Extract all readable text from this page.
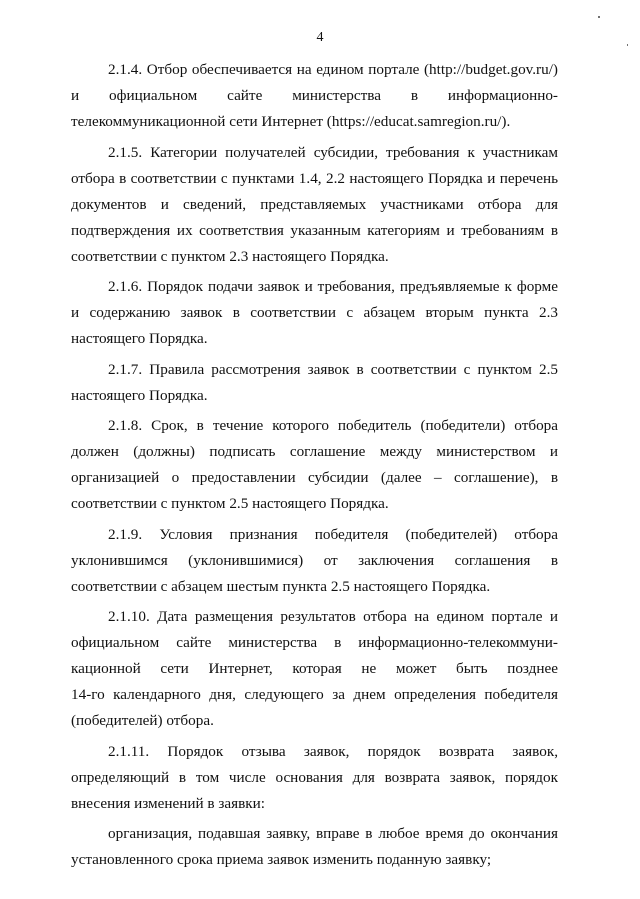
4

2.1.4. Отбор обеспечивается на едином портале (http://budget.gov.ru/)
и официальном сайте министерства в информационно-
телекоммуникационной сети Интернет (https://educat.samregion.ru/).

2.1.5. Категории получателей субсидии, требования к участникам
отбора в соответствии с пунктами 1.4, 2.2 настоящего Порядка и перечень
документов и сведений, представляемых участниками отбора для
подтверждения их соответствия указанным категориям и требованиям в
соответствии с пунктом 2.3 настоящего Порядка.

2.1.6. Порядок подачи заявок и требования, предъявляемые к форме
и содержанию заявок в соответствии с абзацем вторым пункта 2.3
настоящего Порядка.

2.1.7. Правила рассмотрения заявок в соответствии с пунктом 2.5
настоящего Порядка.

2.1.8. Срок, в течение которого победитель (победители) отбора
должен (должны) подписать соглашение между министерством и
организацией о предоставлении субсидии (далее – соглашение), в
соответствии с пунктом 2.5 настоящего Порядка.

2.1.9. Условия признания победителя (победителей) отбора
уклонившимся (уклонившимися) от заключения соглашения в
соответствии с абзацем шестым пункта 2.5 настоящего Порядка.

2.1.10. Дата размещения результатов отбора на едином портале и
официальном сайте министерства в информационно-телекоммуни-
кационной сети Интернет, которая не может быть позднее
14-го календарного дня, следующего за днем определения победителя
(победителей) отбора.

2.1.11. Порядок отзыва заявок, порядок возврата заявок,
определяющий в том числе основания для возврата заявок, порядок
внесения изменений в заявки:

организация, подавшая заявку, вправе в любое время до окончания
установленного срока приема заявок изменить поданную заявку;
